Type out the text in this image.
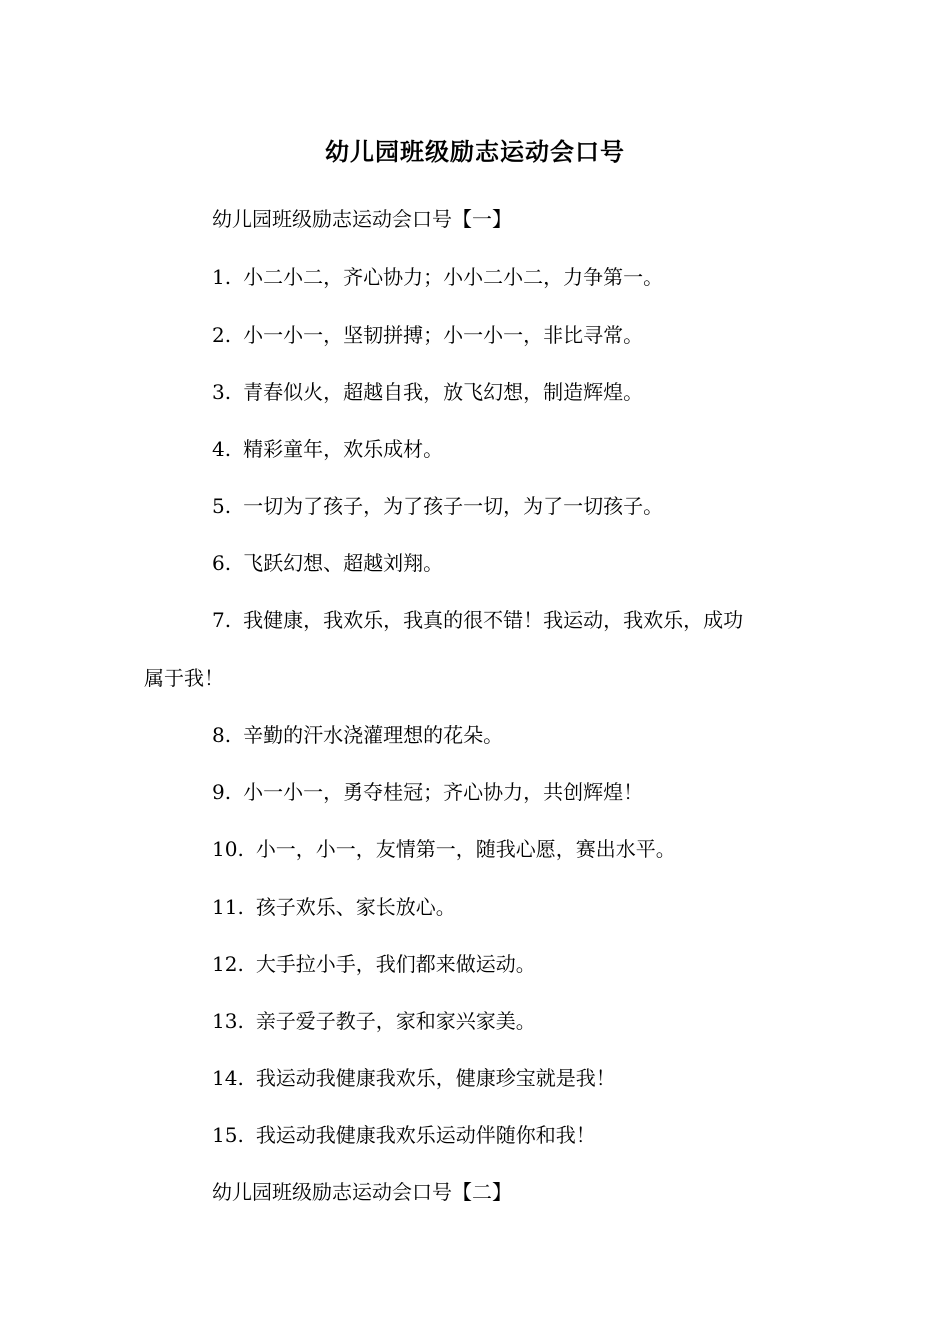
幼儿园班级励志运动会口号
幼儿园班级励志运动会口号【一】
1. 小二小二，齐心协力；小小二小二，力争第一。
2. 小一小一，坚韧拼搏；小一小一，非比寻常。
3. 青春似火，超越自我，放飞幻想，制造辉煌。
4. 精彩童年，欢乐成材。
5. 一切为了孩子，为了孩子一切，为了一切孩子。
6. 飞跃幻想、超越刘翔。
7. 我健康，我欢乐，我真的很不错！我运动，我欢乐，成功
属于我！
8. 辛勤的汗水浇灌理想的花朵。
9. 小一小一，勇夺桂冠；齐心协力，共创辉煌！
10. 小一，小一，友情第一，随我心愿，赛出水平。
11. 孩子欢乐、家长放心。
12. 大手拉小手，我们都来做运动。
13. 亲子爱子教子，家和家兴家美。
14. 我运动我健康我欢乐，健康珍宝就是我！
15. 我运动我健康我欢乐运动伴随你和我！
幼儿园班级励志运动会口号【二】
